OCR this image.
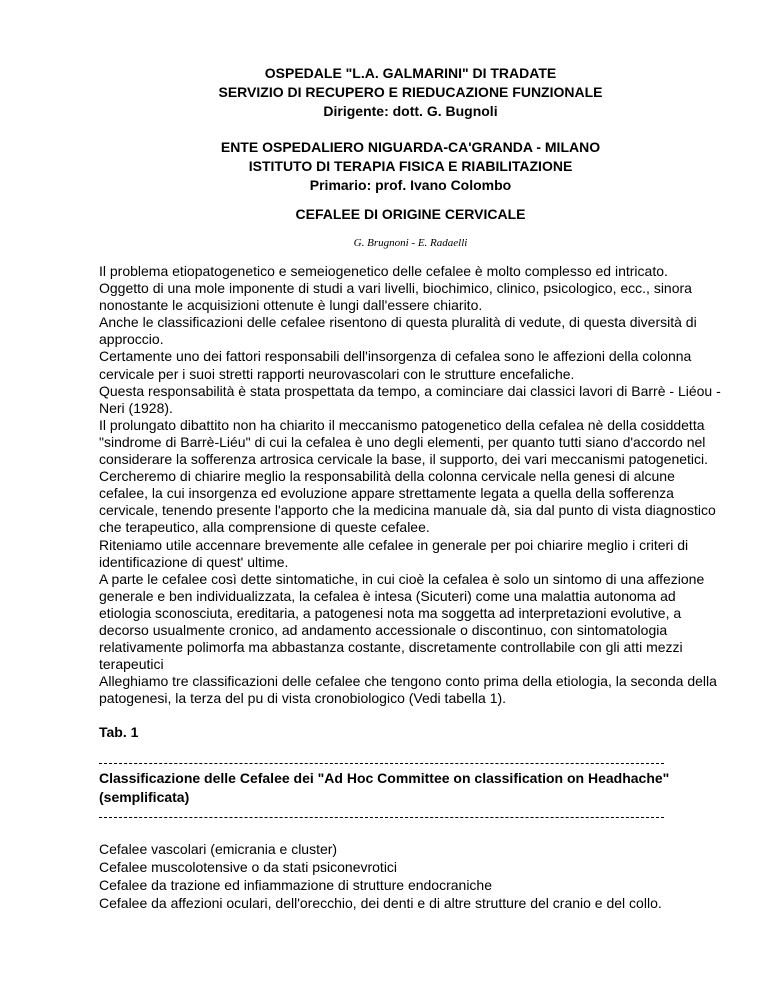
OSPEDALE "L.A. GALMARINI" DI TRADATE
SERVIZIO DI RECUPERO E RIEDUCAZIONE FUNZIONALE
Dirigente: dott. G. Bugnoli
ENTE OSPEDALIERO NIGUARDA-CA'GRANDA - MILANO
ISTITUTO DI TERAPIA FISICA E RIABILITAZIONE
Primario: prof. Ivano Colombo
CEFALEE DI ORIGINE CERVICALE
G. Brugnoni - E. Radaelli

Il problema etiopatogenetico e semeiogenetico delle cefalee è molto complesso ed intricato.

Oggetto di una mole imponente di studi a vari livelli, biochimico, clinico, psicologico, ecc., sinora nonostante le acquisizioni ottenute è lungi dall'essere chiarito.

Anche le classificazioni delle cefalee risentono di questa pluralità di vedute, di questa diversità di approccio.

Certamente uno dei fattori responsabili dell'insorgenza di cefalea sono le affezioni della colonna cervicale per i suoi stretti rapporti neurovascolari con le strutture encefaliche.

Questa responsabilità è stata prospettata da tempo, a cominciare dai classici lavori di Barrè - Liéou - Neri (1928).

Il prolungato dibattito non ha chiarito il meccanismo patogenetico della cefalea nè della cosiddetta "sindrome di Barrè-Liéu" di cui la cefalea è uno degli elementi, per quanto tutti siano d'accordo nel considerare la sofferenza artrosica cervicale la base, il supporto, dei vari meccanismi patogenetici.

Cercheremo di chiarire meglio la responsabilità della colonna cervicale nella genesi di alcune cefalee, la cui insorgenza ed evoluzione appare strettamente legata a quella della sofferenza cervicale, tenendo presente l'apporto che la medicina manuale dà, sia dal punto di vista diagnostico che terapeutico, alla comprensione di queste cefalee.

Riteniamo utile accennare brevemente alle cefalee in generale per poi chiarire meglio i criteri di identificazione di quest' ultime.

A parte le cefalee così dette sintomatiche, in cui cioè la cefalea è solo un sintomo di una affezione generale e ben individualizzata, la cefalea è intesa (Sicuteri) come una malattia autonoma ad etiologia sconosciuta, ereditaria, a patogenesi nota ma soggetta ad interpretazioni evolutive, a decorso usualmente cronico, ad andamento accessionale o discontinuo, con sintomatologia relativamente polimorfa ma abbastanza costante, discretamente controllabile con gli atti mezzi terapeutici

Alleghiamo tre classificazioni delle cefalee che tengono conto prima della etiologia, la seconda della patogenesi, la terza del pu di vista cronobiologico (Vedi tabella 1).

Tab. 1
Classificazione delle Cefalee dei "Ad Hoc Committee on classification on Headhache" (semplificata)
Cefalee vascolari (emicrania e cluster)
Cefalee muscolotensive o da stati psiconevrotici
Cefalee da trazione ed infiammazione di strutture endocraniche
Cefalee da affezioni oculari, dell'orecchio, dei denti e di altre strutture del cranio e del collo.
